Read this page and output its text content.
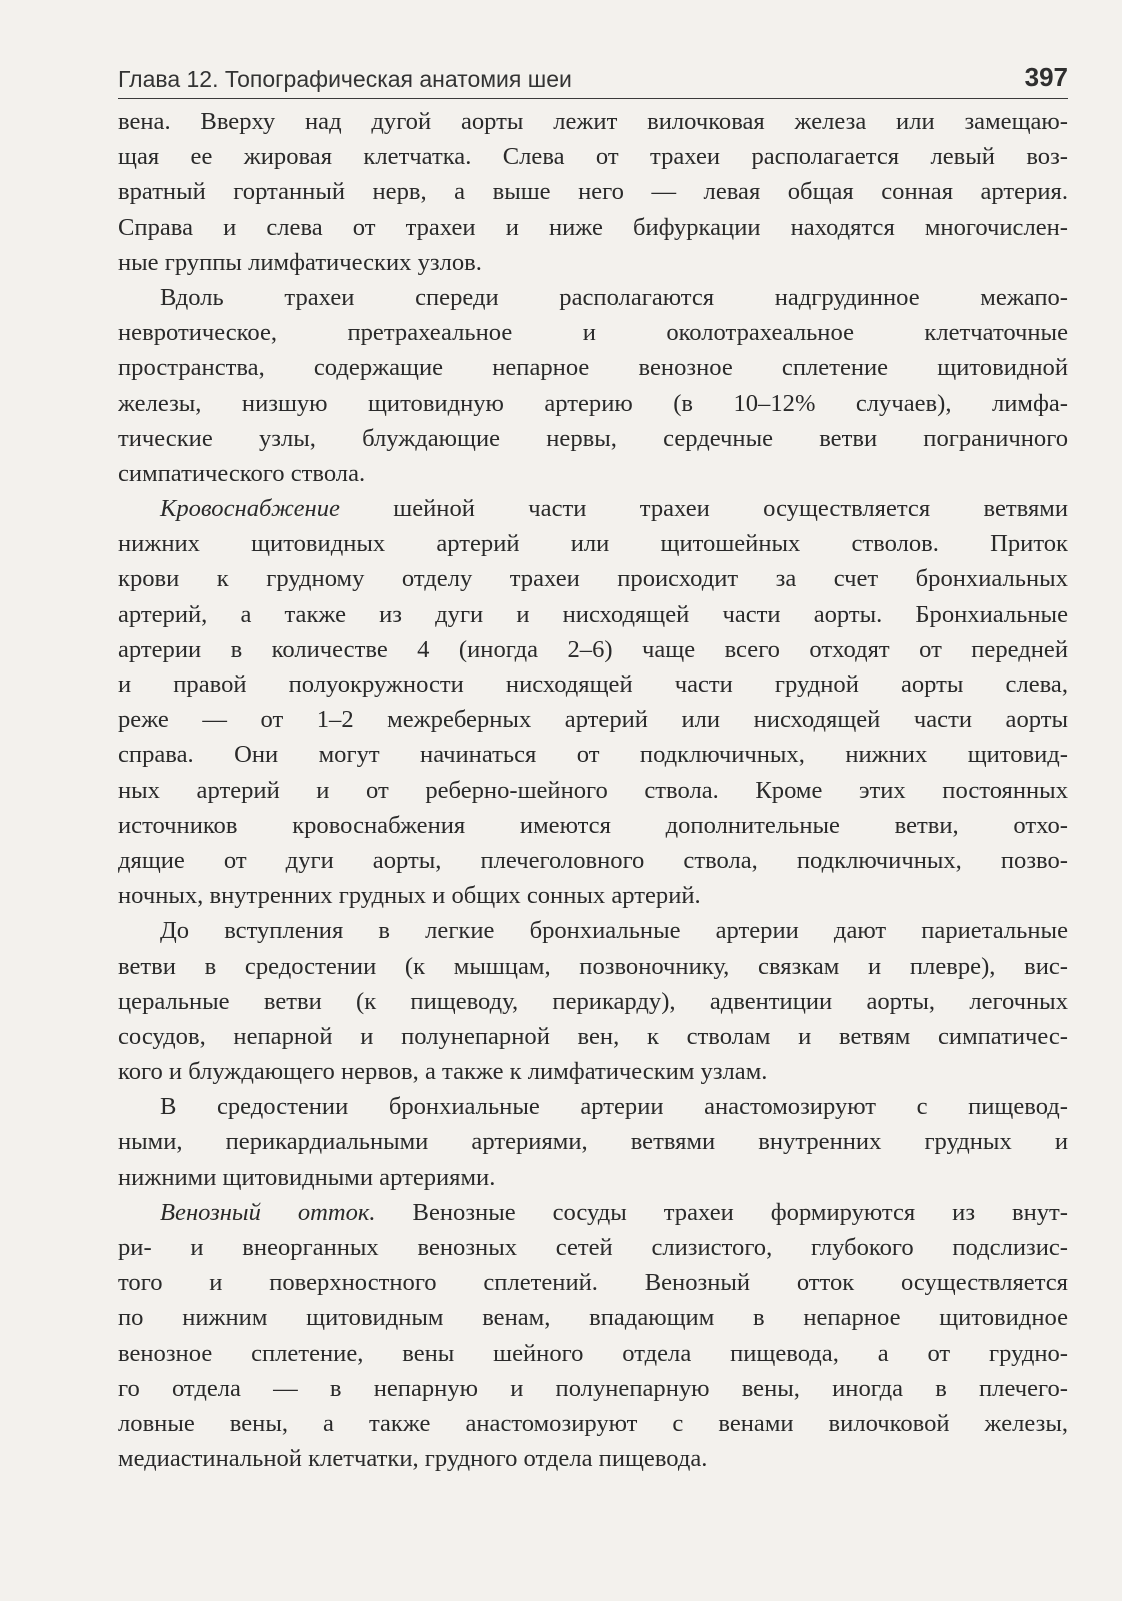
Глава 12. Топографическая анатомия шеи	397
вена. Вверху над дугой аорты лежит вилочковая железа или замещаю-
щая ее жировая клетчатка. Слева от трахеи располагается левый воз-
вратный гортанный нерв, а выше него — левая общая сонная артерия.
Справа и слева от трахеи и ниже бифуркации находятся многочислен-
ные группы лимфатических узлов.
Вдоль трахеи спереди располагаются надгрудинное межапо-
невротическое, претрахеальное и околотрахеальное клетчаточные
пространства, содержащие непарное венозное сплетение щитовидной
железы, низшую щитовидную артерию (в 10–12% случаев), лимфа-
тические узлы, блуждающие нервы, сердечные ветви пограничного
симпатического ствола.
Кровоснабжение шейной части трахеи осуществляется ветвями
нижних щитовидных артерий или щитошейных стволов. Приток
крови к грудному отделу трахеи происходит за счет бронхиальных
артерий, а также из дуги и нисходящей части аорты. Бронхиальные
артерии в количестве 4 (иногда 2–6) чаще всего отходят от передней
и правой полуокружности нисходящей части грудной аорты слева,
реже — от 1–2 межреберных артерий или нисходящей части аорты
справа. Они могут начинаться от подключичных, нижних щитовид-
ных артерий и от реберно-шейного ствола. Кроме этих постоянных
источников кровоснабжения имеются дополнительные ветви, отхо-
дящие от дуги аорты, плечеголовного ствола, подключичных, позво-
ночных, внутренних грудных и общих сонных артерий.
До вступления в легкие бронхиальные артерии дают париетальные
ветви в средостении (к мышцам, позвоночнику, связкам и плевре), вис-
церальные ветви (к пищеводу, перикарду), адвентиции аорты, легочных
сосудов, непарной и полунепарной вен, к стволам и ветвям симпатичес-
кого и блуждающего нервов, а также к лимфатическим узлам.
В средостении бронхиальные артерии анастомозируют с пищевод-
ными, перикардиальными артериями, ветвями внутренних грудных и
нижними щитовидными артериями.
Венозный отток. Венозные сосуды трахеи формируются из внут-
ри- и внеорганных венозных сетей слизистого, глубокого подслизис-
того и поверхностного сплетений. Венозный отток осуществляется
по нижним щитовидным венам, впадающим в непарное щитовидное
венозное сплетение, вены шейного отдела пищевода, а от грудно-
го отдела — в непарную и полунепарную вены, иногда в плечего-
ловные вены, а также анастомозируют с венами вилочковой железы,
медиастинальной клетчатки, грудного отдела пищевода.
